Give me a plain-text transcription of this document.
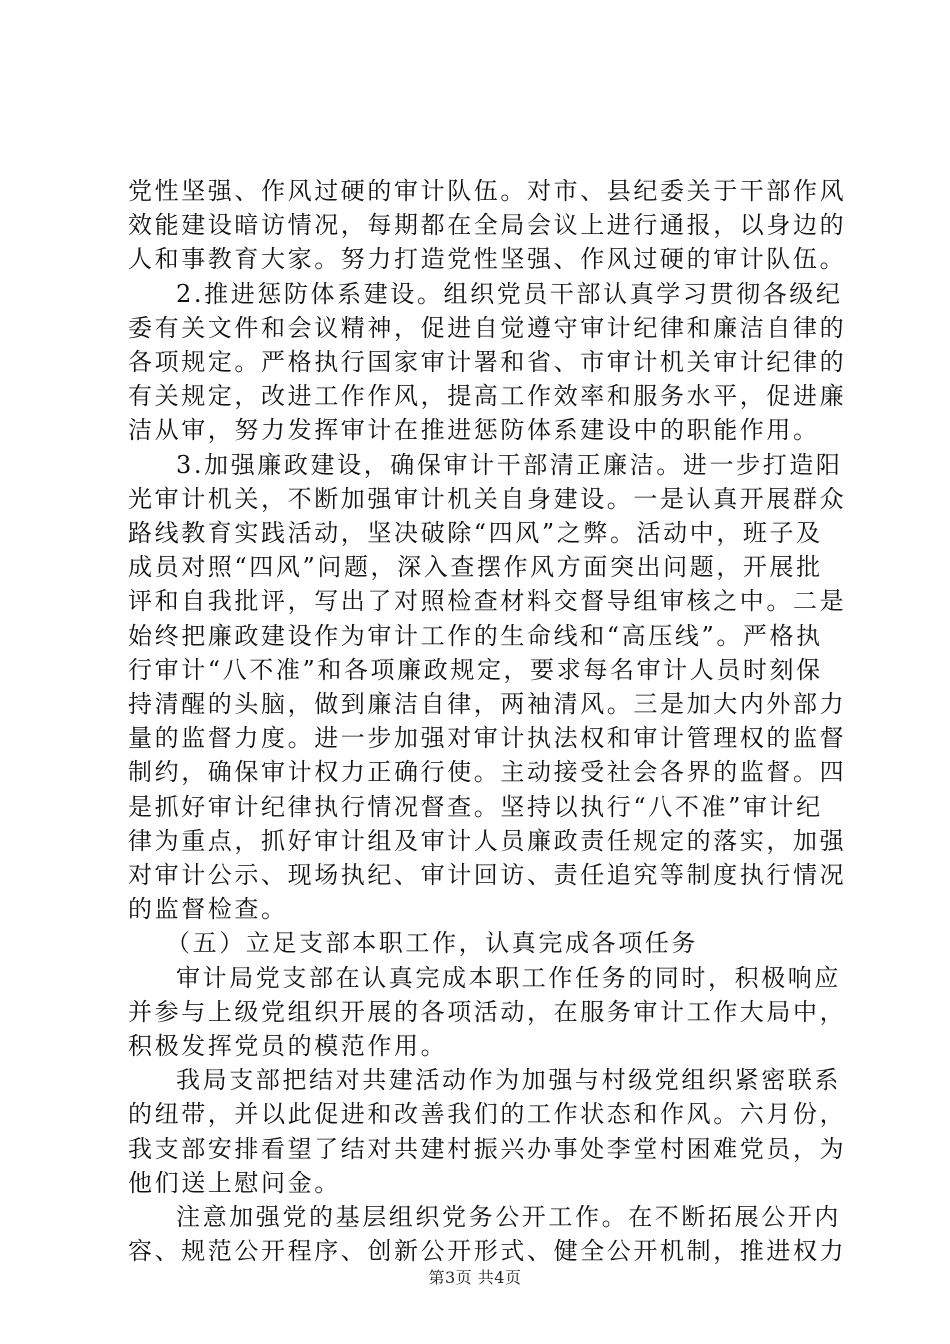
党性坚强、作风过硬的审计队伍。对市、县纪委关于干部作风
效能建设暗访情况，每期都在全局会议上进行通报，以身边的
人和事教育大家。努力打造党性坚强、作风过硬的审计队伍。
2.推进惩防体系建设。组织党员干部认真学习贯彻各级纪
委有关文件和会议精神，促进自觉遵守审计纪律和廉洁自律的
各项规定。严格执行国家审计署和省、市审计机关审计纪律的
有关规定，改进工作作风，提高工作效率和服务水平，促进廉
洁从审，努力发挥审计在推进惩防体系建设中的职能作用。
3.加强廉政建设，确保审计干部清正廉洁。进一步打造阳
光审计机关，不断加强审计机关自身建设。一是认真开展群众
路线教育实践活动，坚决破除“四风”之弊。活动中，班子及
成员对照“四风”问题，深入查摆作风方面突出问题，开展批
评和自我批评，写出了对照检查材料交督导组审核之中。二是
始终把廉政建设作为审计工作的生命线和“高压线”。严格执
行审计“八不准”和各项廉政规定，要求每名审计人员时刻保
持清醒的头脑，做到廉洁自律，两袖清风。三是加大内外部力
量的监督力度。进一步加强对审计执法权和审计管理权的监督
制约，确保审计权力正确行使。主动接受社会各界的监督。四
是抓好审计纪律执行情况督查。坚持以执行“八不准”审计纪
律为重点，抓好审计组及审计人员廉政责任规定的落实，加强
对审计公示、现场执纪、审计回访、责任追究等制度执行情况
的监督检查。
（五）立足支部本职工作，认真完成各项任务
审计局党支部在认真完成本职工作任务的同时，积极响应
并参与上级党组织开展的各项活动，在服务审计工作大局中，
积极发挥党员的模范作用。
我局支部把结对共建活动作为加强与村级党组织紧密联系
的纽带，并以此促进和改善我们的工作状态和作风。六月份，
我支部安排看望了结对共建村振兴办事处李堂村困难党员，为
他们送上慰问金。
注意加强党的基层组织党务公开工作。在不断拓展公开内
容、规范公开程序、创新公开形式、健全公开机制，推进权力
第3页 共4页
